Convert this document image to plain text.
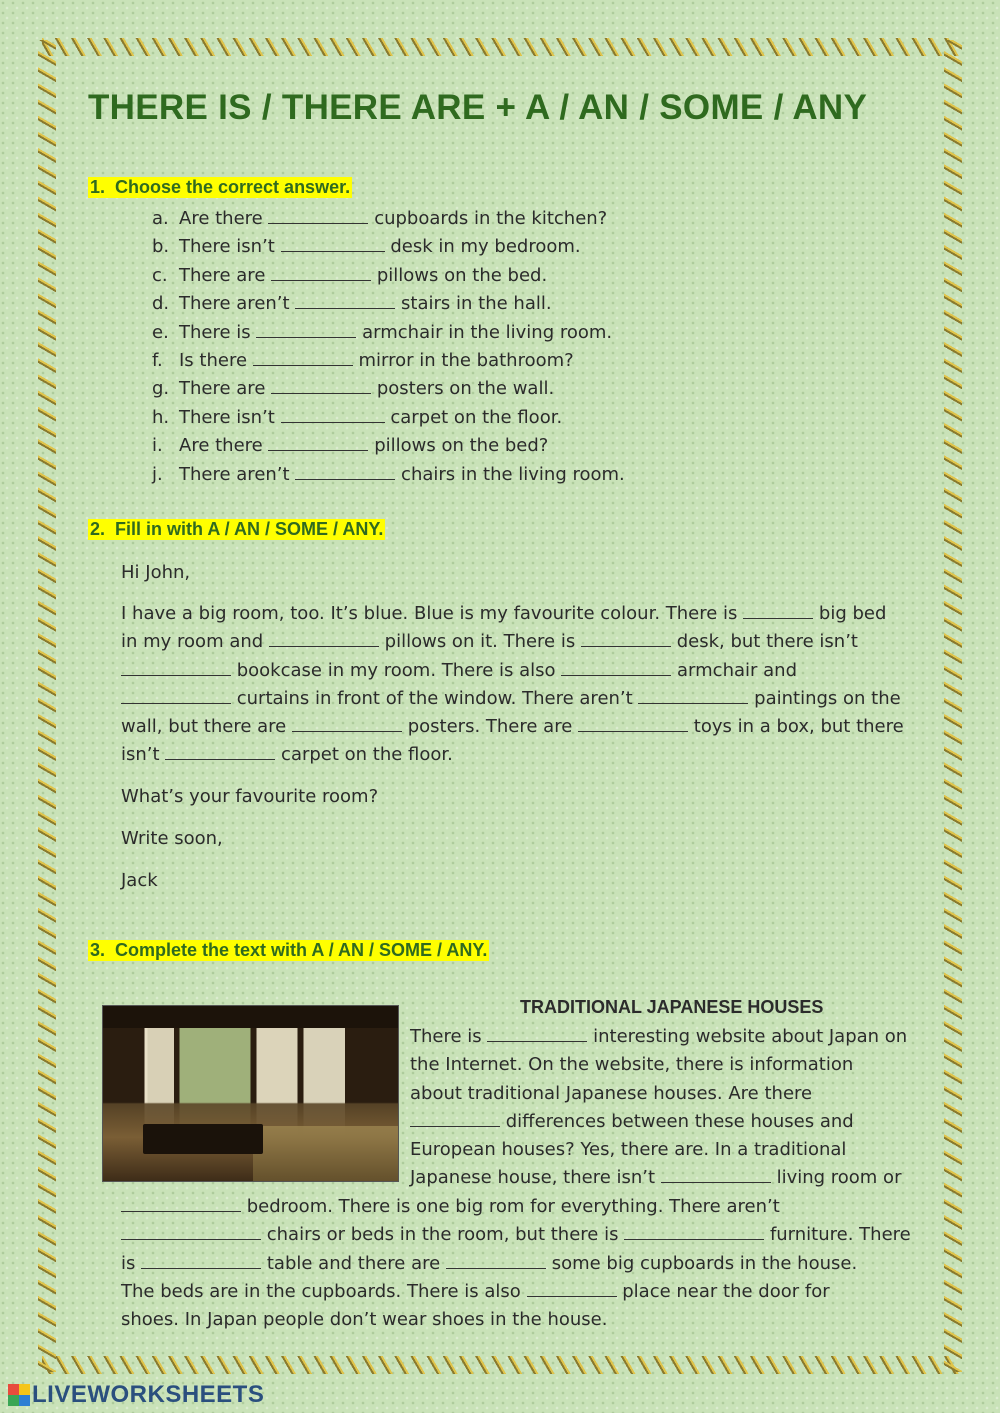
THERE IS / THERE ARE + A / AN / SOME / ANY
1. Choose the correct answer.
a. Are there	cupboards in the kitchen?
b. There isn’t	desk in my bedroom.
c. There are	pillows on the bed.
d. There aren’t	stairs in the hall.
e. There is	armchair in the living room.
f. Is there	mirror in the bathroom?
g. There are	posters on the wall.
h. There isn’t	carpet on the floor.
i. Are there	pillows on the bed?
j. There aren’t	chairs in the living room.
2. Fill in with A / AN / SOME / ANY.
Hi John,
I have a big room, too. It’s blue. Blue is my favourite colour. There is	big bed
in my room and	pillows on it. There is	desk, but there isn’t
bookcase in my room. There is also	armchair and
curtains in front of the window. There aren’t	paintings on the
wall, but there are	posters. There are	toys in a box, but there
isn’t	carpet on the floor.
What’s your favourite room?
Write soon,
Jack
3. Complete the text with A / AN / SOME / ANY.
TRADITIONAL JAPANESE HOUSES
There is	interesting website about Japan on
the Internet. On the website, there is information
about traditional Japanese houses. Are there
differences between these houses and
European houses? Yes, there are. In a traditional
Japanese house, there isn’t	living room or
bedroom. There is one big rom for everything. There aren’t
chairs or beds in the room, but there is	furniture. There
is	table and there are	some big cupboards in the house.
The beds are in the cupboards. There is also	place near the door for
shoes. In Japan people don’t wear shoes in the house.
LIVEWORKSHEETS
